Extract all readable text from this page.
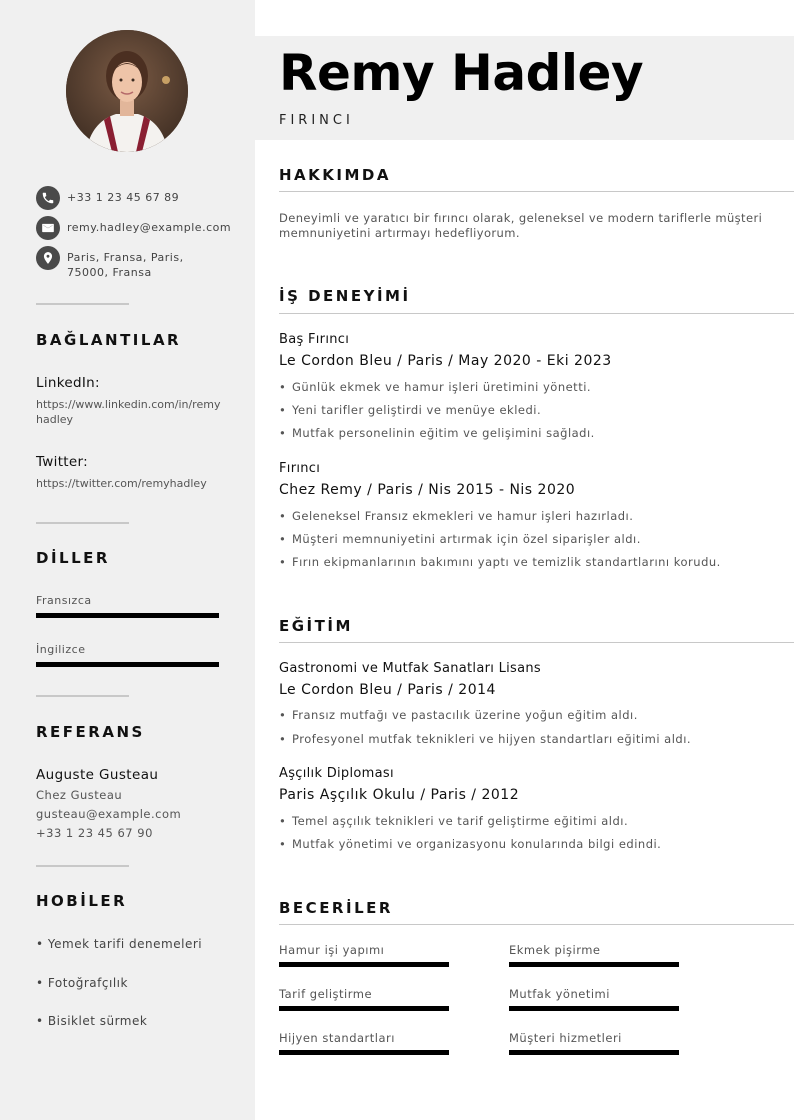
+33 1 23 45 67 89
remy.hadley@example.com
Paris, Fransa, Paris, 75000, Fransa
BAĞLANTILAR
LinkedIn:
https://www.linkedin.com/in/remyhadley
Twitter:
https://twitter.com/remyhadley
DİLLER
Fransızca
İngilizce
REFERANS
Auguste Gusteau
Chez Gusteau
gusteau@example.com
+33 1 23 45 67 90
HOBİLER
• Yemek tarifi denemeleri
• Fotoğrafçılık
• Bisiklet sürmek
Remy Hadley
FIRINCI
HAKKIMDA
Deneyimli ve yaratıcı bir fırıncı olarak, geleneksel ve modern tariflerle müşteri memnuniyetini artırmayı hedefliyorum.
İŞ DENEYİMİ
Baş Fırıncı
Le Cordon Bleu / Paris / May 2020 - Eki 2023
• Günlük ekmek ve hamur işleri üretimini yönetti.
• Yeni tarifler geliştirdi ve menüye ekledi.
• Mutfak personelinin eğitim ve gelişimini sağladı.
Fırıncı
Chez Remy / Paris / Nis 2015 - Nis 2020
• Geleneksel Fransız ekmekleri ve hamur işleri hazırladı.
• Müşteri memnuniyetini artırmak için özel siparişler aldı.
• Fırın ekipmanlarının bakımını yaptı ve temizlik standartlarını korudu.
EĞİTİM
Gastronomi ve Mutfak Sanatları Lisans
Le Cordon Bleu / Paris / 2014
• Fransız mutfağı ve pastacılık üzerine yoğun eğitim aldı.
• Profesyonel mutfak teknikleri ve hijyen standartları eğitimi aldı.
Aşçılık Diploması
Paris Aşçılık Okulu / Paris / 2012
• Temel aşçılık teknikleri ve tarif geliştirme eğitimi aldı.
• Mutfak yönetimi ve organizasyonu konularında bilgi edindi.
BECERİLER
Hamur işi yapımı	Ekmek pişirme
Tarif geliştirme	Mutfak yönetimi
Hijyen standartları	Müşteri hizmetleri
